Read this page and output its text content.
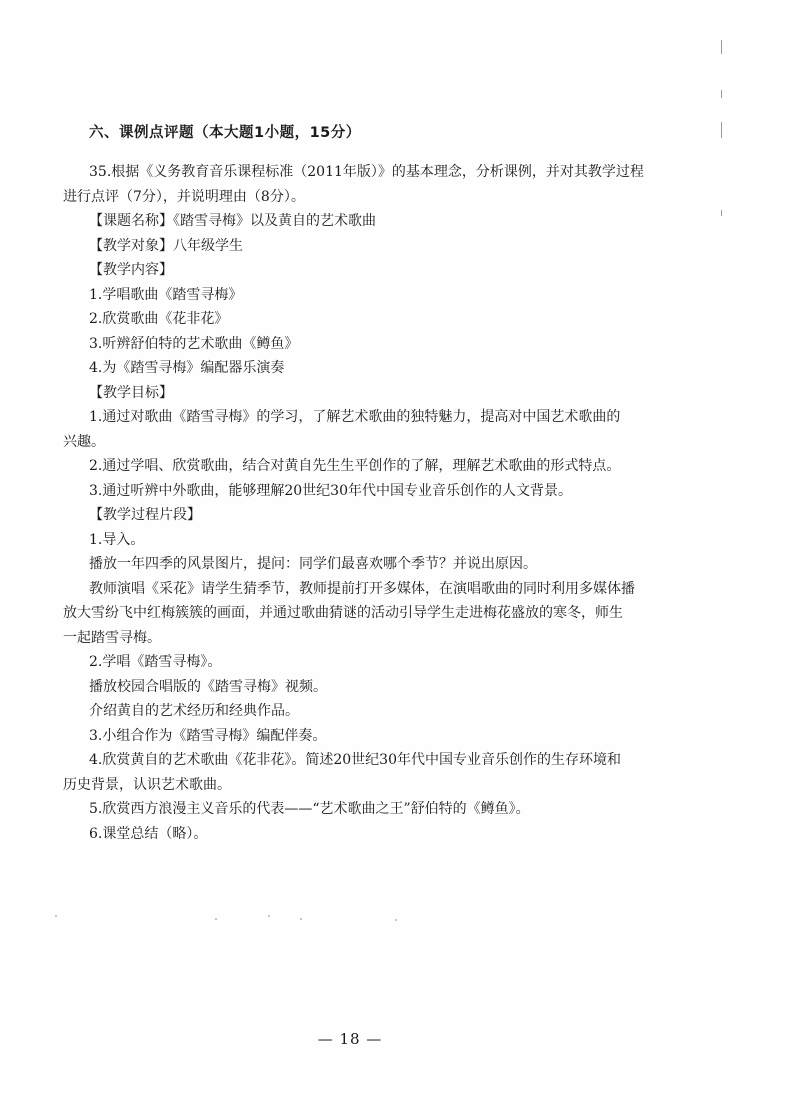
六、课例点评题（本大题1小题，15分）
35.根据《义务教育音乐课程标准（2011年版）》的基本理念，分析课例，并对其教学过程
进行点评（7分），并说明理由（8分）。
【课题名称】《踏雪寻梅》以及黄自的艺术歌曲
【教学对象】八年级学生
【教学内容】
1.学唱歌曲《踏雪寻梅》
2.欣赏歌曲《花非花》
3.听辨舒伯特的艺术歌曲《鳟鱼》
4.为《踏雪寻梅》编配器乐演奏
【教学目标】
1.通过对歌曲《踏雪寻梅》的学习，了解艺术歌曲的独特魅力，提高对中国艺术歌曲的
兴趣。
2.通过学唱、欣赏歌曲，结合对黄自先生生平创作的了解，理解艺术歌曲的形式特点。
3.通过听辨中外歌曲，能够理解20世纪30年代中国专业音乐创作的人文背景。
【教学过程片段】
1.导入。
播放一年四季的风景图片，提问：同学们最喜欢哪个季节？并说出原因。
教师演唱《采花》请学生猜季节，教师提前打开多媒体，在演唱歌曲的同时利用多媒体播
放大雪纷飞中红梅簇簇的画面，并通过歌曲猜谜的活动引导学生走进梅花盛放的寒冬，师生
一起踏雪寻梅。
2.学唱《踏雪寻梅》。
播放校园合唱版的《踏雪寻梅》视频。
介绍黄自的艺术经历和经典作品。
3.小组合作为《踏雪寻梅》编配伴奏。
4.欣赏黄自的艺术歌曲《花非花》。简述20世纪30年代中国专业音乐创作的生存环境和
历史背景，认识艺术歌曲。
5.欣赏西方浪漫主义音乐的代表——“艺术歌曲之王”舒伯特的《鳟鱼》。
6.课堂总结（略）。
— 18 —
